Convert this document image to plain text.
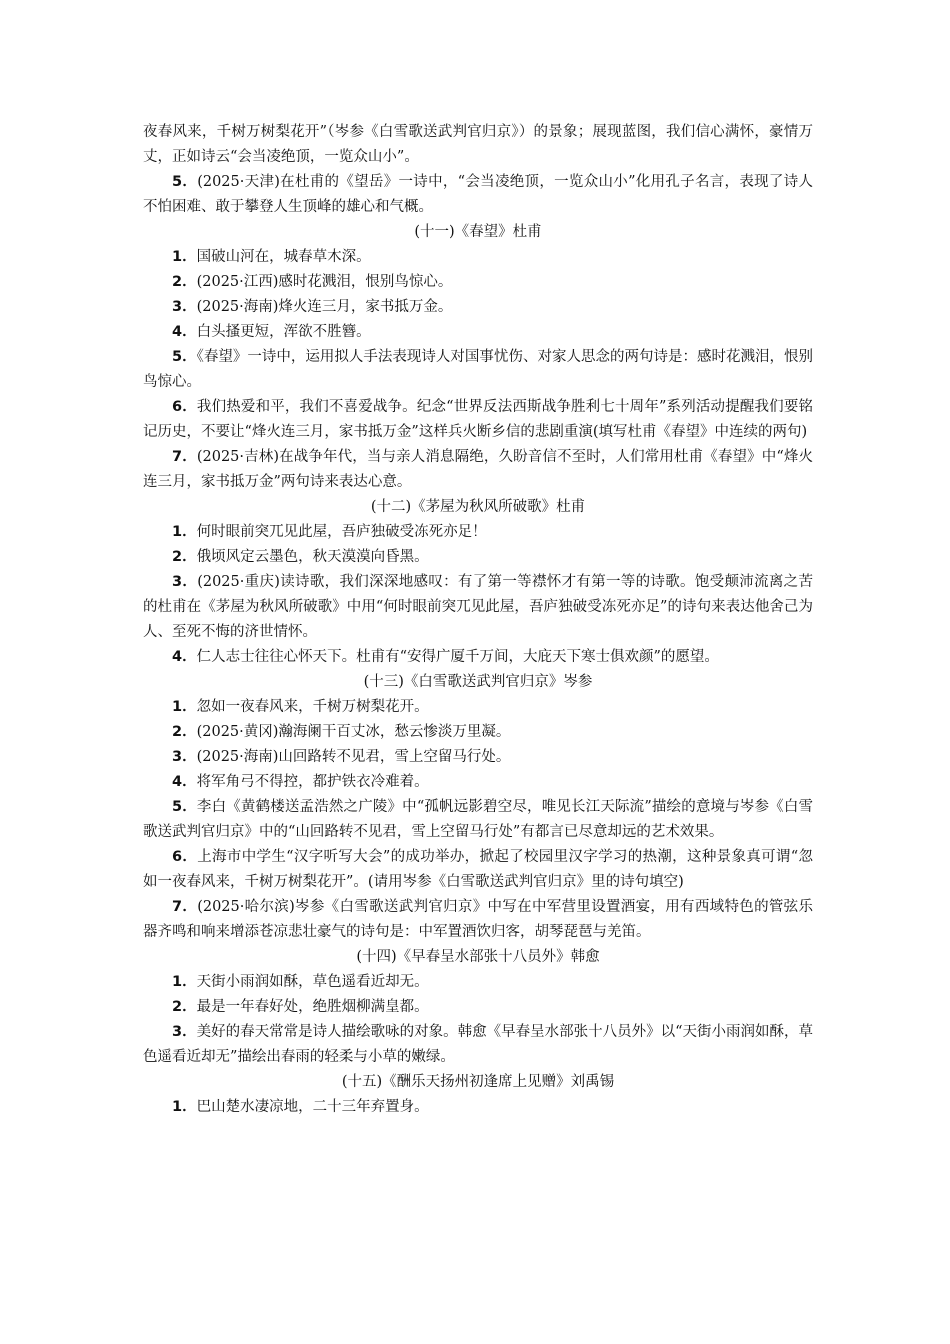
夜春风来，千树万树梨花开”（岑参《白雪歌送武判官归京》）的景象；展现蓝图，我们信心满怀，豪情万丈，正如诗云“会当凌绝顶，一览众山小”。

5．(2025·天津)在杜甫的《望岳》一诗中，“会当凌绝顶，一览众山小”化用孔子名言，表现了诗人不怕困难、敢于攀登人生顶峰的雄心和气概。

(十一)《春望》杜甫

1．国破山河在，城春草木深。

2．(2025·江西)感时花溅泪，恨别鸟惊心。

3．(2025·海南)烽火连三月，家书抵万金。

4．白头搔更短，浑欲不胜簪。

5．《春望》一诗中，运用拟人手法表现诗人对国事忧伤、对家人思念的两句诗是：感时花溅泪，恨别鸟惊心。

6．我们热爱和平，我们不喜爱战争。纪念“世界反法西斯战争胜利七十周年”系列活动提醒我们要铭记历史，不要让“烽火连三月，家书抵万金”这样兵火断乡信的悲剧重演(填写杜甫《春望》中连续的两句)

7．(2025·吉林)在战争年代，当与亲人消息隔绝，久盼音信不至时，人们常用杜甫《春望》中“烽火连三月，家书抵万金”两句诗来表达心意。

(十二)《茅屋为秋风所破歌》杜甫

1．何时眼前突兀见此屋，吾庐独破受冻死亦足！

2．俄顷风定云墨色，秋天漠漠向昏黑。

3．(2025·重庆)读诗歌，我们深深地感叹：有了第一等襟怀才有第一等的诗歌。饱受颠沛流离之苦的杜甫在《茅屋为秋风所破歌》中用“何时眼前突兀见此屋，吾庐独破受冻死亦足”的诗句来表达他舍己为人、至死不悔的济世情怀。

4．仁人志士往往心怀天下。杜甫有“安得广厦千万间，大庇天下寒士俱欢颜”的愿望。

(十三)《白雪歌送武判官归京》岑参

1．忽如一夜春风来，千树万树梨花开。

2．(2025·黄冈)瀚海阑干百丈冰，愁云惨淡万里凝。

3．(2025·海南)山回路转不见君，雪上空留马行处。

4．将军角弓不得控，都护铁衣冷难着。

5．李白《黄鹤楼送孟浩然之广陵》中“孤帆远影碧空尽，唯见长江天际流”描绘的意境与岑参《白雪歌送武判官归京》中的“山回路转不见君，雪上空留马行处”有都言已尽意却远的艺术效果。

6．上海市中学生“汉字听写大会”的成功举办，掀起了校园里汉字学习的热潮，这种景象真可谓“忽如一夜春风来，千树万树梨花开”。(请用岑参《白雪歌送武判官归京》里的诗句填空)

7．(2025·哈尔滨)岑参《白雪歌送武判官归京》中写在中军营里设置酒宴，用有西域特色的管弦乐器齐鸣和响来增添苍凉悲壮豪气的诗句是：中军置酒饮归客，胡琴琵琶与羌笛。

(十四)《早春呈水部张十八员外》韩愈

1．天街小雨润如酥，草色遥看近却无。

2．最是一年春好处，绝胜烟柳满皇都。

3．美好的春天常常是诗人描绘歌咏的对象。韩愈《早春呈水部张十八员外》以“天街小雨润如酥，草色遥看近却无”描绘出春雨的轻柔与小草的嫩绿。

(十五)《酬乐天扬州初逢席上见赠》刘禹锡

1．巴山楚水凄凉地，二十三年弃置身。
